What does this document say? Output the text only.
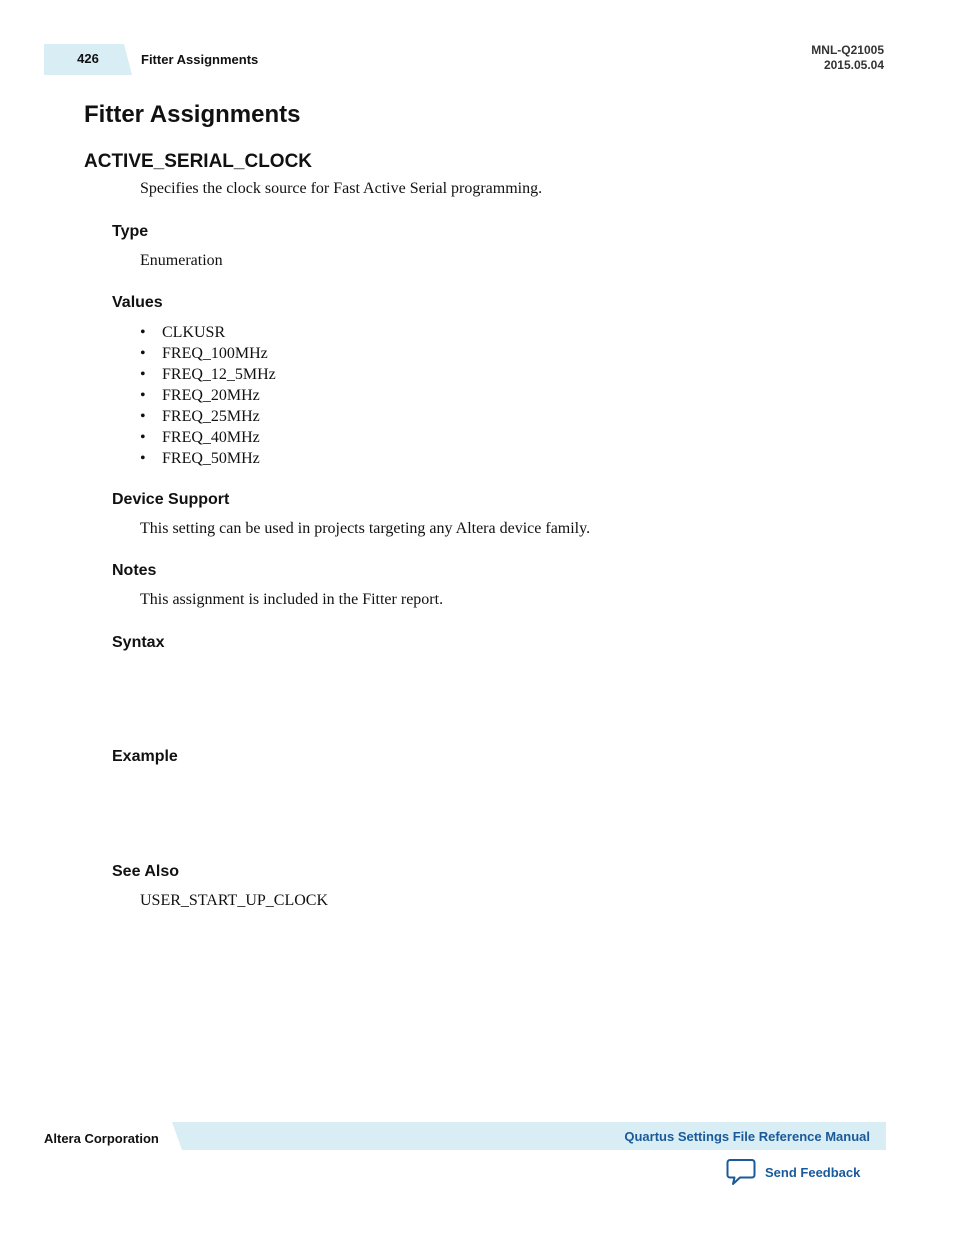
426	Fitter Assignments
MNL-Q21005
2015.05.04
Fitter Assignments
ACTIVE_SERIAL_CLOCK

Specifies the clock source for Fast Active Serial programming.

Type

Enumeration

Values
• CLKUSR
• FREQ_100MHz
• FREQ_12_5MHz
• FREQ_20MHz
• FREQ_25MHz
• FREQ_40MHz
• FREQ_50MHz
Device Support

This setting can be used in projects targeting any Altera device family.

Notes

This assignment is included in the Fitter report.

Syntax
Example
See Also

USER_START_UP_CLOCK

Altera Corporation	Quartus Settings File Reference Manual
Send Feedback
